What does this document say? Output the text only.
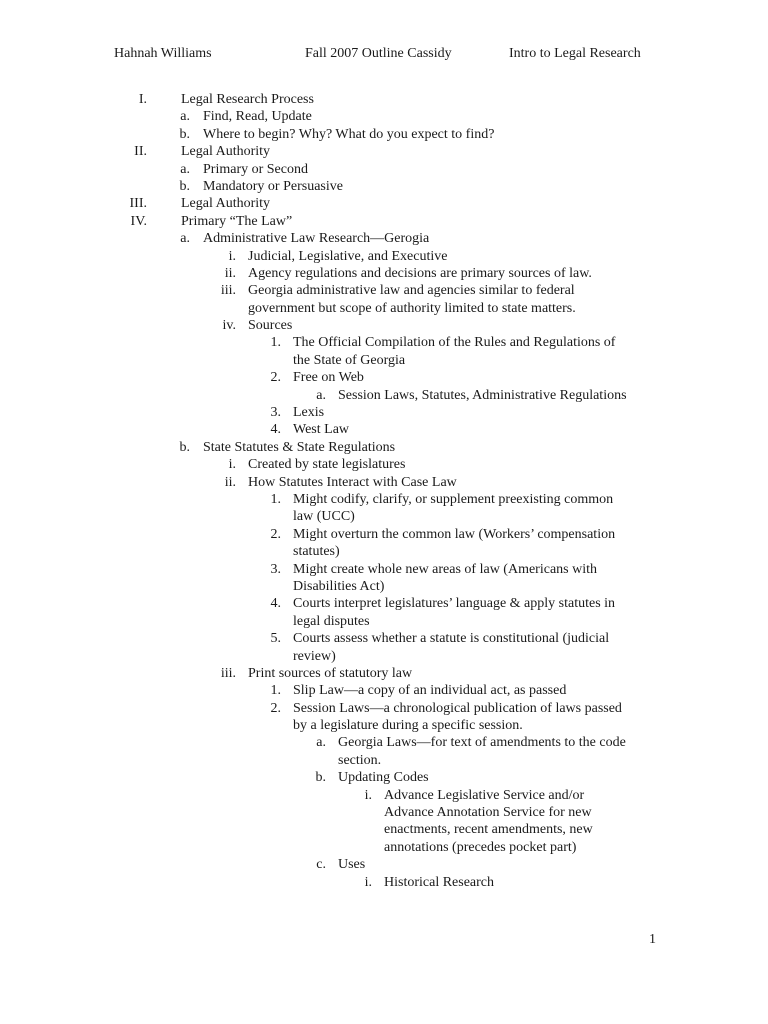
Hahnah Williams	Fall 2007 Outline Cassidy	Intro to Legal Research
I. Legal Research Process
a. Find, Read, Update
b. Where to begin? Why? What do you expect to find?
II. Legal Authority
a. Primary or Second
b. Mandatory or Persuasive
III. Legal Authority
IV. Primary “The Law”
a. Administrative Law Research—Gerogia
i. Judicial, Legislative, and Executive
ii. Agency regulations and decisions are primary sources of law.
iii. Georgia administrative law and agencies similar to federal
government but scope of authority limited to state matters.
iv. Sources
1. The Official Compilation of the Rules and Regulations of
the State of Georgia
2. Free on Web
a. Session Laws, Statutes, Administrative Regulations
3. Lexis
4. West Law
b. State Statutes & State Regulations
i. Created by state legislatures
ii. How Statutes Interact with Case Law
1. Might codify, clarify, or supplement preexisting common
law (UCC)
2. Might overturn the common law (Workers’ compensation
statutes)
3. Might create whole new areas of law (Americans with
Disabilities Act)
4. Courts interpret legislatures’ language & apply statutes in
legal disputes
5. Courts assess whether a statute is constitutional (judicial
review)
iii. Print sources of statutory law
1. Slip Law—a copy of an individual act, as passed
2. Session Laws—a chronological publication of laws passed
by a legislature during a specific session.
a. Georgia Laws—for text of amendments to the code
section.
b. Updating Codes
i. Advance Legislative Service and/or
Advance Annotation Service for new
enactments, recent amendments, new
annotations (precedes pocket part)
c. Uses
i. Historical Research
1
